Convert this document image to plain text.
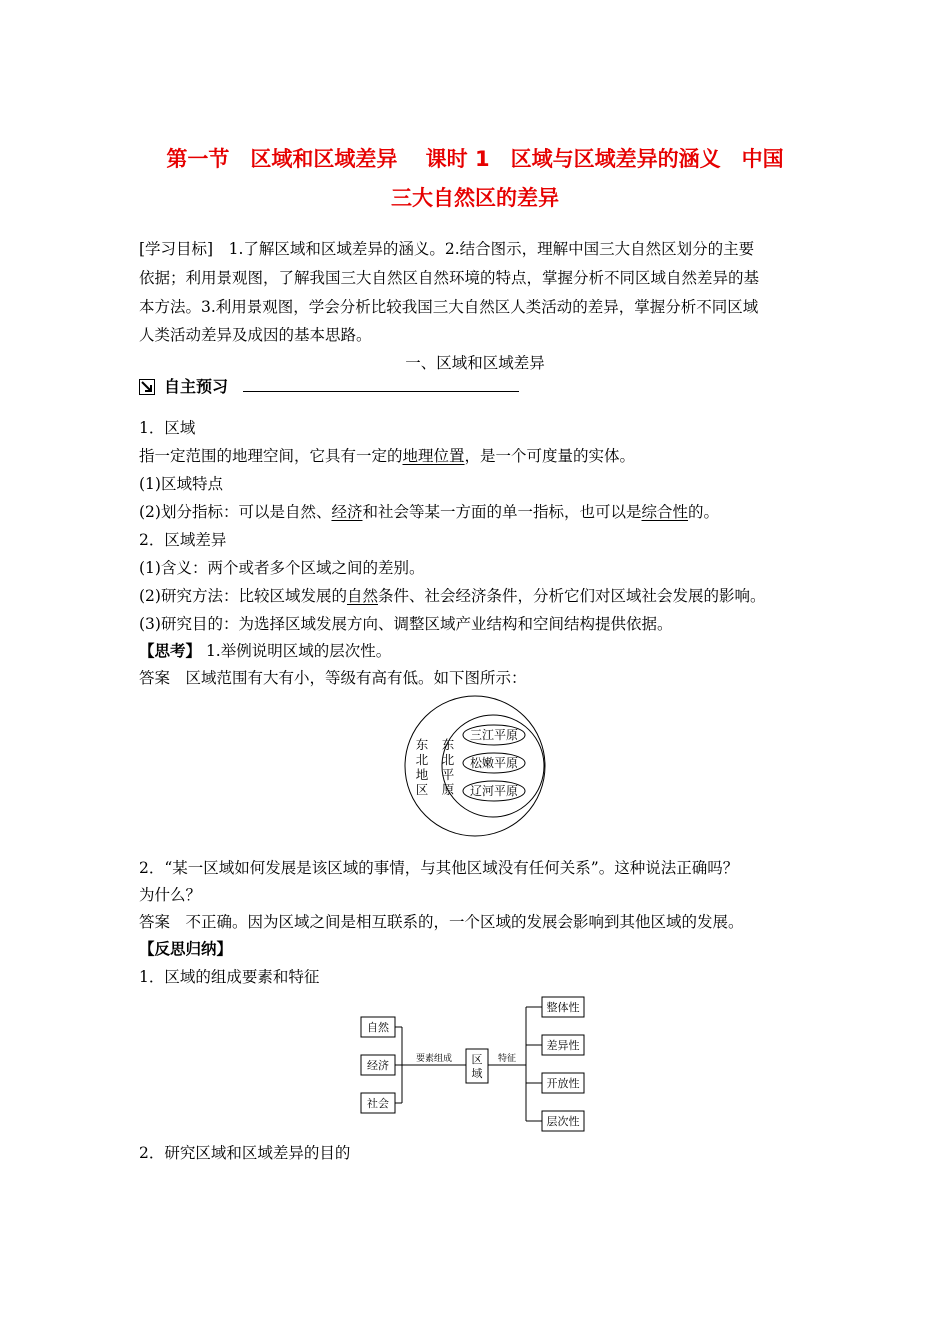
第一节　区域和区域差异　 课时 1　区域与区域差异的涵义　中国
三大自然区的差异
[学习目标]　1.了解区域和区域差异的涵义。2.结合图示，理解中国三大自然区划分的主要
依据；利用景观图，了解我国三大自然区自然环境的特点，掌握分析不同区域自然差异的基
本方法。3.利用景观图，学会分析比较我国三大自然区人类活动的差异，掌握分析不同区域
人类活动差异及成因的基本思路。
一、区域和区域差异
自主预习
1．区域
指一定范围的地理空间，它具有一定的地理位置，是一个可度量的实体。
(1)区域特点
(2)划分指标：可以是自然、经济和社会等某一方面的单一指标，也可以是综合性的。
2．区域差异
(1)含义：两个或者多个区域之间的差别。
(2)研究方法：比较区域发展的自然条件、社会经济条件，分析它们对区域社会发展的影响。
(3)研究目的：为选择区域发展方向、调整区域产业结构和空间结构提供依据。
【思考】 1.举例说明区域的层次性。
答案　区域范围有大有小，等级有高有低。如下图所示：
东
北
地
区
东
北
平
原
三江平原
松嫩平原
辽河平原
2．“某一区域如何发展是该区域的事情，与其他区域没有任何关系”。这种说法正确吗？
为什么？
答案　不正确。因为区域之间是相互联系的，一个区域的发展会影响到其他区域的发展。
【反思归纳】
1．区域的组成要素和特征
自然
经济
社会
要素组成 区
域
特征
整体性
差异性
开放性
层次性
2．研究区域和区域差异的目的
